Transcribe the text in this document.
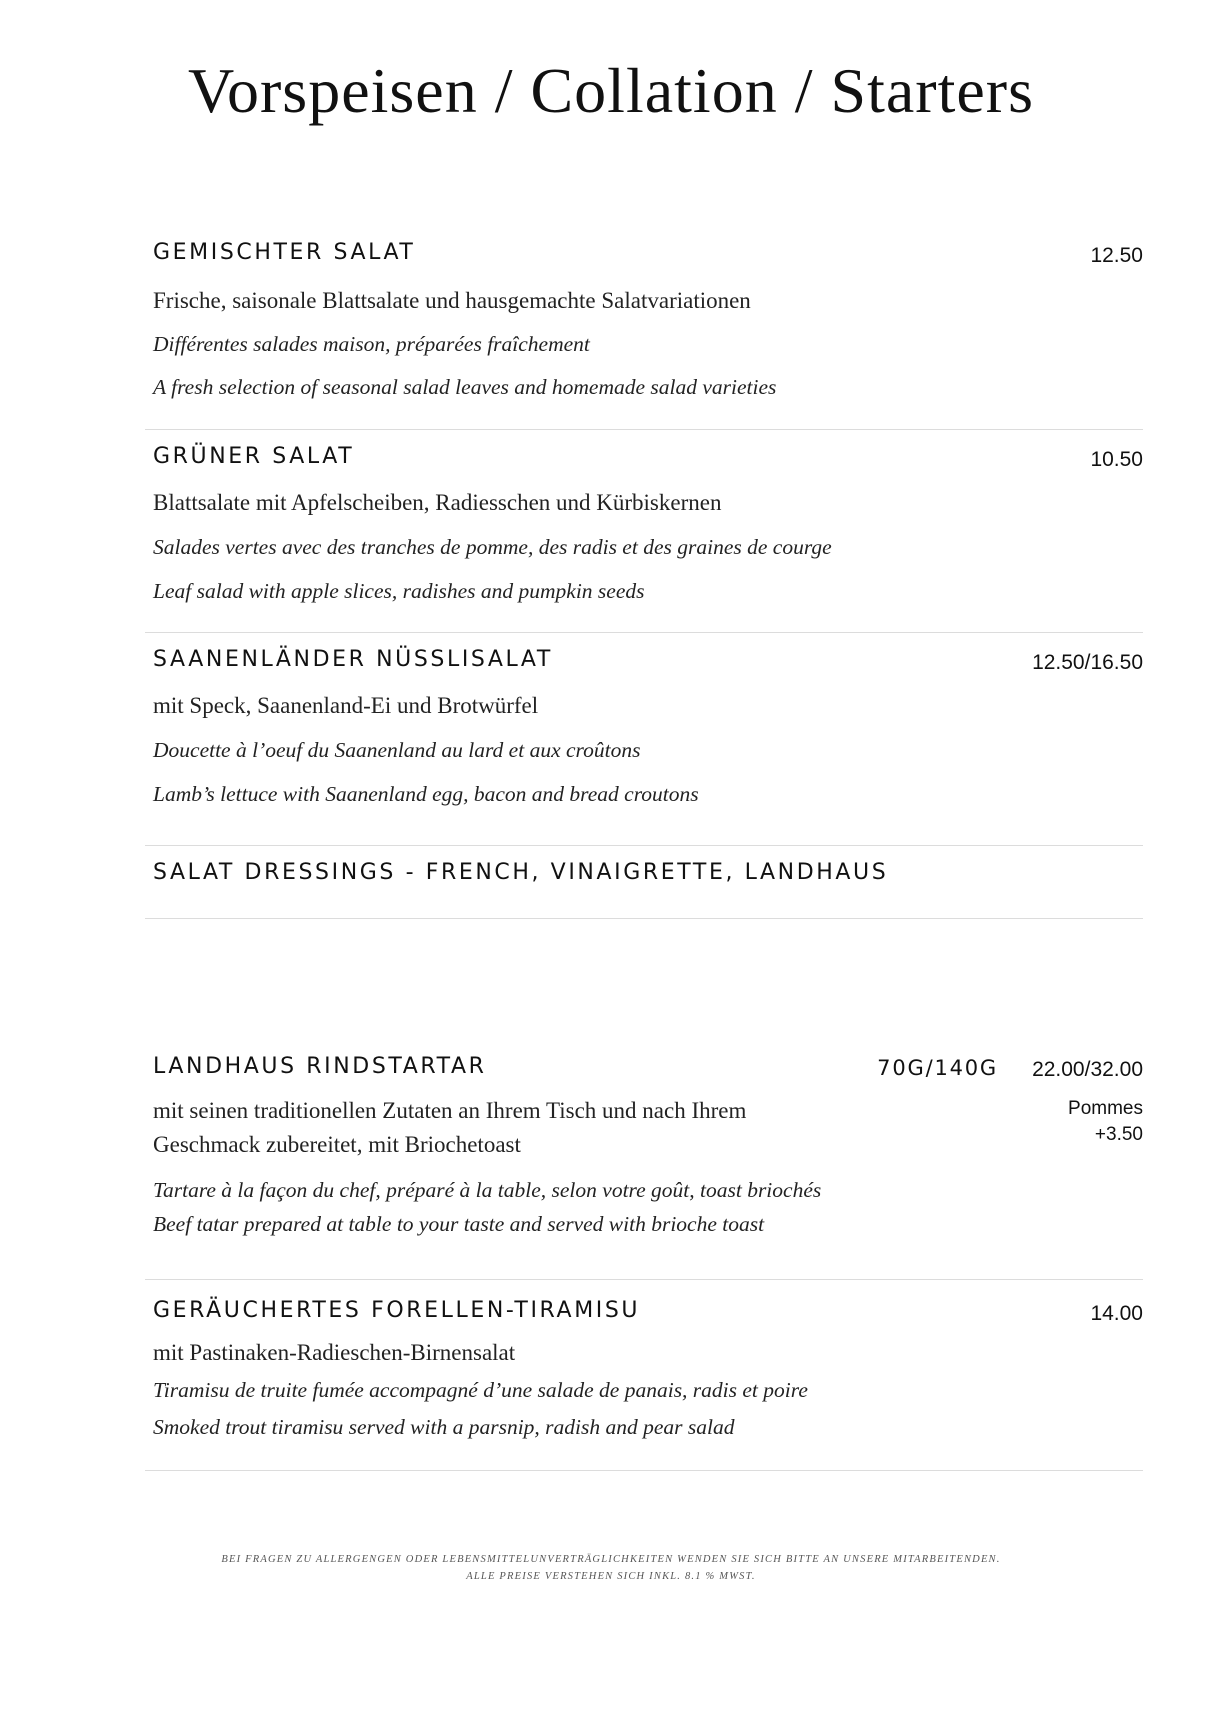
Vorspeisen / Collation / Starters
GEMISCHTER SALAT	12.50
Frische, saisonale Blattsalate und hausgemachte Salatvariationen
Différentes salades maison, préparées fraîchement
A fresh selection of seasonal salad leaves and homemade salad varieties
GRÜNER SALAT	10.50
Blattsalate mit Apfelscheiben, Radiesschen und Kürbiskernen
Salades vertes avec des tranches de pomme, des radis et des graines de courge
Leaf salad with apple slices, radishes and pumpkin seeds
SAANENLÄNDER NÜSSLISALAT	12.50/16.50
mit Speck, Saanenland-Ei und Brotwürfel
Doucette à l’oeuf du Saanenland au lard et aux croûtons
Lamb’s lettuce with Saanenland egg, bacon and bread croutons
SALAT DRESSINGS - FRENCH, VINAIGRETTE, LANDHAUS
LANDHAUS RINDSTARTAR	70G/140G 22.00/32.00
Pommes
+3.50
mit seinen traditionellen Zutaten an Ihrem Tisch und nach Ihrem
Geschmack zubereitet, mit Briochetoast
Tartare à la façon du chef, préparé à la table, selon votre goût, toast briochés
Beef tatar prepared at table to your taste and served with brioche toast
GERÄUCHERTES FORELLEN-TIRAMISU	14.00
mit Pastinaken-Radieschen-Birnensalat
Tiramisu de truite fumée accompagné d’une salade de panais, radis et poire
Smoked trout tiramisu served with a parsnip, radish and pear salad
BEI FRAGEN ZU ALLERGENGEN ODER LEBENSMITTELUNVERTRÄGLICHKEITEN WENDEN SIE SICH BITTE AN UNSERE MITARBEITENDEN.
ALLE PREISE VERSTEHEN SICH INKL. 8.1 % MWST.
